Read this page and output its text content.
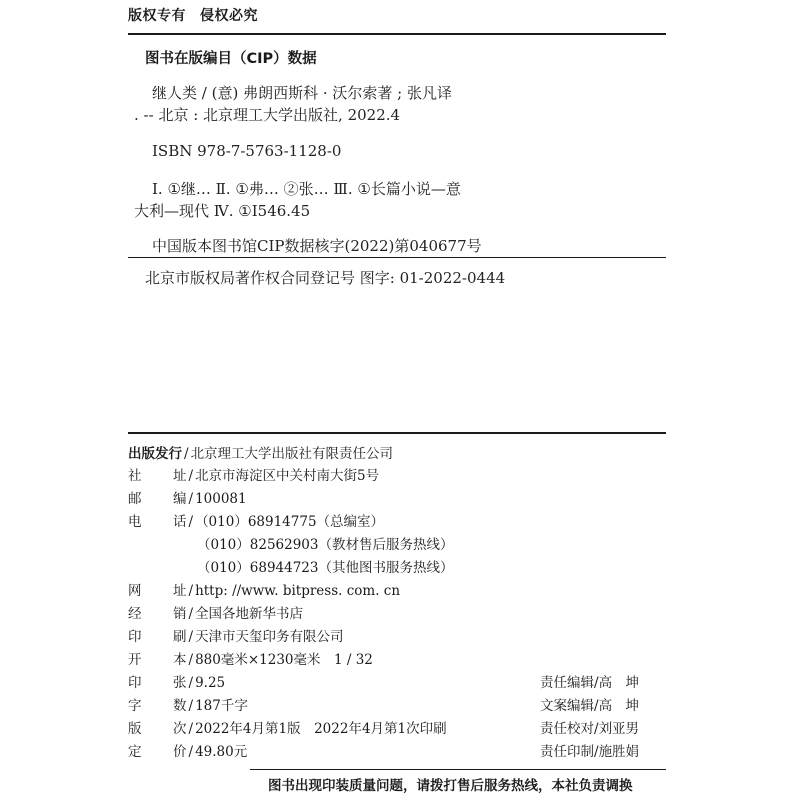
版权专有 侵权必究
图书在版编目（CIP）数据
继人类 / (意) 弗朗西斯科 · 沃尔索著 ; 张凡译
. -- 北京 : 北京理工大学出版社, 2022.4
ISBN 978-7-5763-1128-0
Ⅰ. ①继… Ⅱ. ①弗… ②张… Ⅲ. ①长篇小说—意
大利—现代 Ⅳ. ①I546.45
中国版本图书馆CIP数据核字(2022)第040677号
北京市版权局著作权合同登记号 图字: 01-2022-0444
出版发行 / 北京理工大学出版社有限责任公司
社 址 / 北京市海淀区中关村南大街5号
邮 编 / 100081
电 话 / （010）68914775（总编室）
（010）82562903（教材售后服务热线）
（010）68944723（其他图书服务热线）
网 址 / http: //www. bitpress. com. cn
经 销 / 全国各地新华书店
印 刷 / 天津市天玺印务有限公司
开 本 / 880毫米×1230毫米　1 / 32
印 张 / 9.25
字 数 / 187千字
版 次 / 2022年4月第1版　2022年4月第1次印刷
定 价 / 49.80元
责任编辑/高　坤
文案编辑/高　坤
责任校对/刘亚男
责任印制/施胜娟
图书出现印装质量问题，请拨打售后服务热线，本社负责调换
